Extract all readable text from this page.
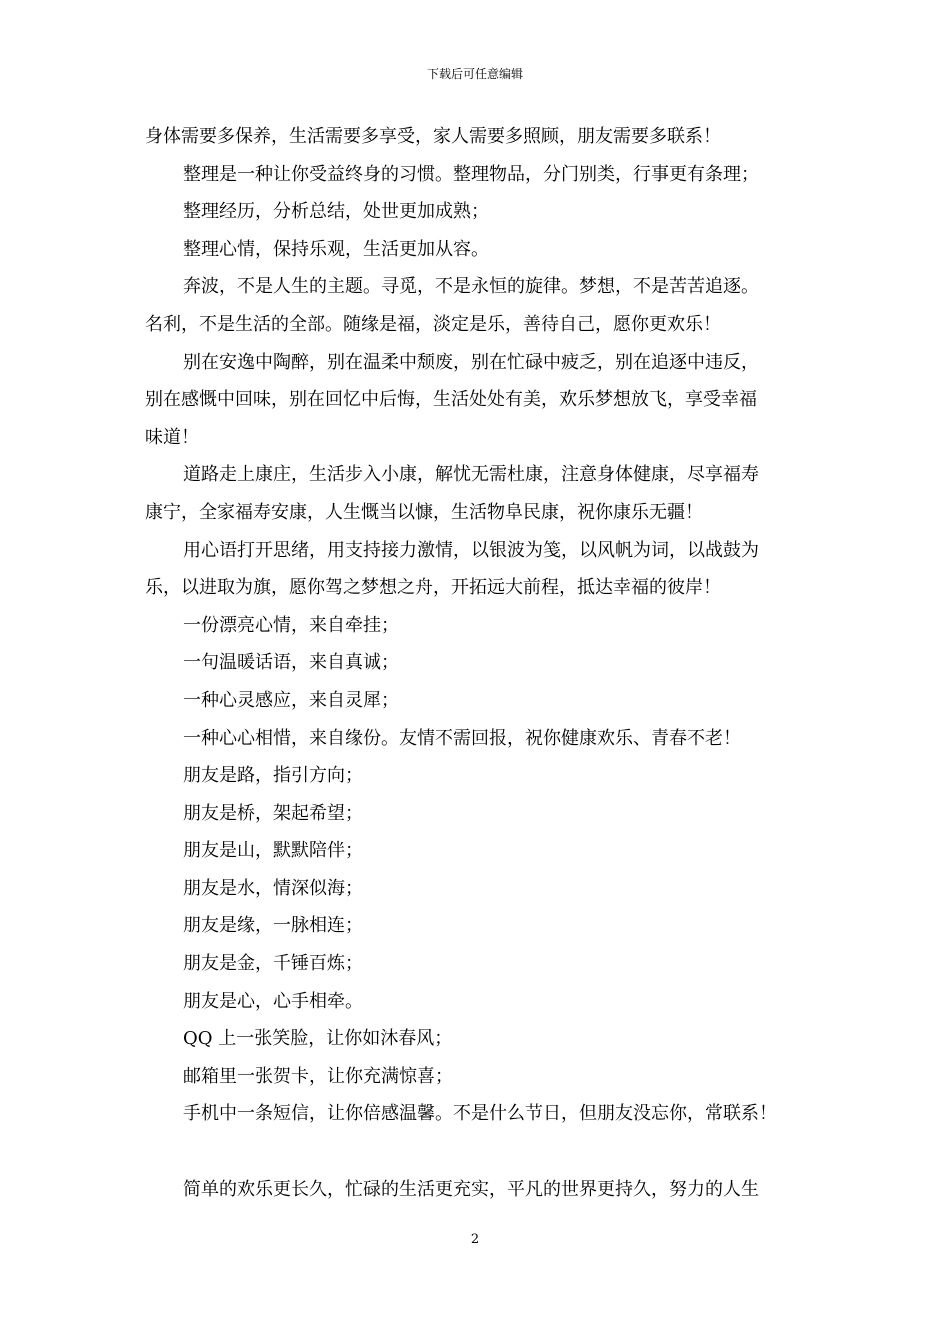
下载后可任意编辑
身体需要多保养，生活需要多享受，家人需要多照顾，朋友需要多联系！
整理是一种让你受益终身的习惯。整理物品，分门别类，行事更有条理；
整理经历，分析总结，处世更加成熟；
整理心情，保持乐观，生活更加从容。
奔波，不是人生的主题。寻觅，不是永恒的旋律。梦想，不是苦苦追逐。
名利，不是生活的全部。随缘是福，淡定是乐，善待自己，愿你更欢乐！
别在安逸中陶醉，别在温柔中颓废，别在忙碌中疲乏，别在追逐中违反，
别在感慨中回味，别在回忆中后悔，生活处处有美，欢乐梦想放飞，享受幸福
味道！
道路走上康庄，生活步入小康，解忧无需杜康，注意身体健康，尽享福寿
康宁，全家福寿安康，人生慨当以慷，生活物阜民康，祝你康乐无疆！
用心语打开思绪，用支持接力激情，以银波为笺，以风帆为词，以战鼓为
乐，以进取为旗，愿你驾之梦想之舟，开拓远大前程，抵达幸福的彼岸！
一份漂亮心情，来自牵挂；
一句温暖话语，来自真诚；
一种心灵感应，来自灵犀；
一种心心相惜，来自缘份。友情不需回报，祝你健康欢乐、青春不老！
朋友是路，指引方向；
朋友是桥，架起希望；
朋友是山，默默陪伴；
朋友是水，情深似海；
朋友是缘，一脉相连；
朋友是金，千锤百炼；
朋友是心，心手相牵。
QQ 上一张笑脸，让你如沐春风；
邮箱里一张贺卡，让你充满惊喜；
手机中一条短信，让你倍感温馨。不是什么节日，但朋友没忘你，常联系！
简单的欢乐更长久，忙碌的生活更充实，平凡的世界更持久，努力的人生
2
